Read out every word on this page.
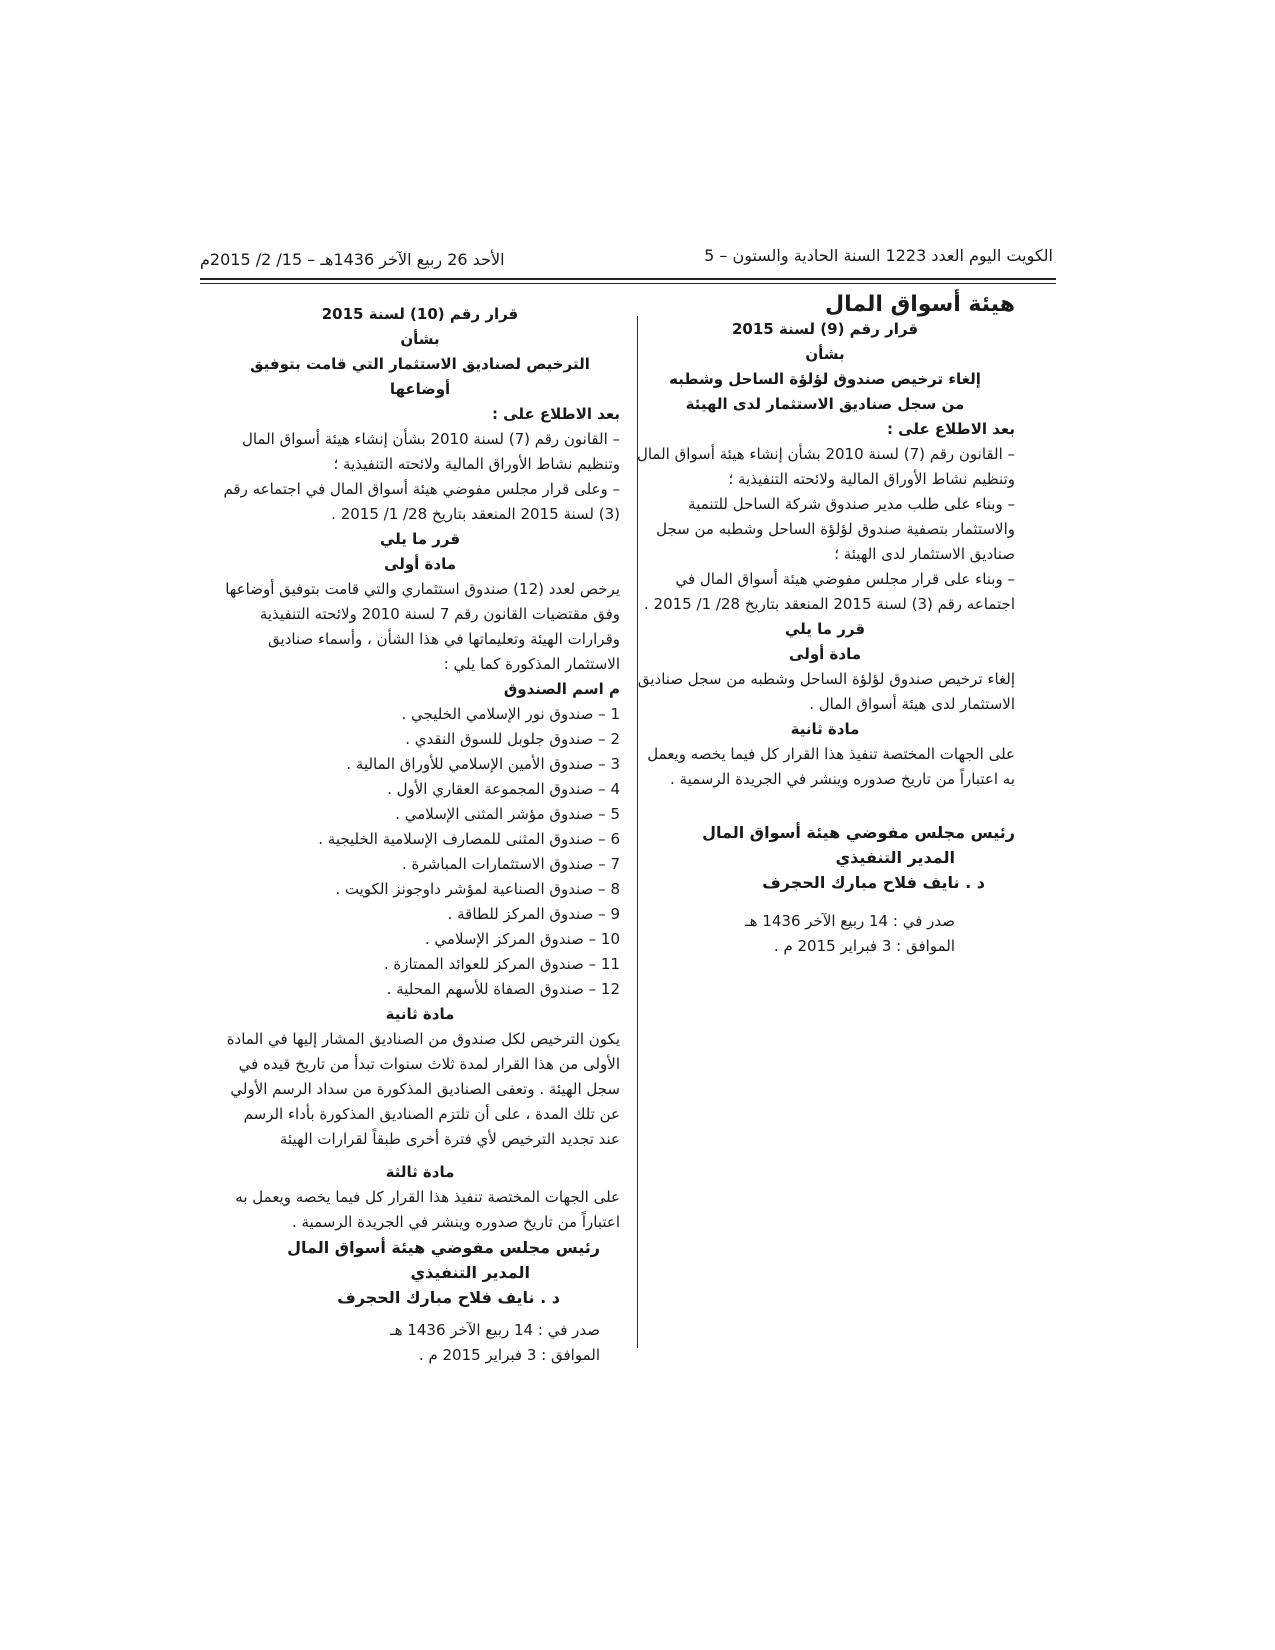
الكويت اليوم العدد 1223 السنة الحادية والستون – 5
الأحد 26 ربيع الآخر 1436هـ – 15/ 2/ 2015م

هيئة أسواق المال

قرار رقم (9) لسنة 2015

بشأن

إلغاء ترخيص صندوق لؤلؤة الساحل وشطبه

من سجل صناديق الاستثمار لدى الهيئة

بعد الاطلاع على :

– القانون رقم (7) لسنة 2010 بشأن إنشاء هيئة أسواق المال وتنظيم نشاط الأوراق المالية ولائحته التنفيذية ؛

– وبناء على طلب مدير صندوق شركة الساحل للتنمية والاستثمار بتصفية صندوق لؤلؤة الساحل وشطبه من سجل صناديق الاستثمار لدى الهيئة ؛

– وبناء على قرار مجلس مفوضي هيئة أسواق المال في اجتماعه رقم (3) لسنة 2015 المنعقد بتاريخ 28/ 1/ 2015 .

قرر ما يلي

مادة أولى

إلغاء ترخيص صندوق لؤلؤة الساحل وشطبه من سجل صناديق الاستثمار لدى هيئة أسواق المال .

مادة ثانية

على الجهات المختصة تنفيذ هذا القرار كل فيما يخصه ويعمل به اعتباراً من تاريخ صدوره وينشر في الجريدة الرسمية .

رئيس مجلس مفوضي هيئة أسواق المال

المدير التنفيذي

د . نايف فلاح مبارك الحجرف

صدر في : 14 ربيع الآخر 1436 هـ

الموافق : 3 فبراير 2015 م .

قرار رقم (10) لسنة 2015

بشأن

الترخيص لصناديق الاستثمار التي قامت بتوفيق أوضاعها

بعد الاطلاع على :

– القانون رقم (7) لسنة 2010 بشأن إنشاء هيئة أسواق المال وتنظيم نشاط الأوراق المالية ولائحته التنفيذية ؛

– وعلى قرار مجلس مفوضي هيئة أسواق المال في اجتماعه رقم (3) لسنة 2015 المنعقد بتاريخ 28/ 1/ 2015 .

قرر ما يلي

مادة أولى

يرخص لعدد (12) صندوق استثماري والتي قامت بتوفيق أوضاعها وفق مقتضيات القانون رقم 7 لسنة 2010 ولائحته التنفيذية وقرارات الهيئة وتعليماتها في هذا الشأن ، وأسماء صناديق الاستثمار المذكورة كما يلي :

م اسم الصندوق

1 – صندوق نور الإسلامي الخليجي .
2 – صندوق جلوبل للسوق النقدي .
3 – صندوق الأمين الإسلامي للأوراق المالية .
4 – صندوق المجموعة العقاري الأول .
5 – صندوق مؤشر المثنى الإسلامي .
6 – صندوق المثنى للمصارف الإسلامية الخليجية .
7 – صندوق الاستثمارات المباشرة .
8 – صندوق الصناعية لمؤشر داوجونز الكويت .
9 – صندوق المركز للطاقة .
10 – صندوق المركز الإسلامي .
11 – صندوق المركز للعوائد الممتازة .
12 – صندوق الصفاة للأسهم المحلية .

مادة ثانية

يكون الترخيص لكل صندوق من الصناديق المشار إليها في المادة الأولى من هذا القرار لمدة ثلاث سنوات تبدأ من تاريخ قيده في سجل الهيئة . وتعفى الصناديق المذكورة من سداد الرسم الأولي عن تلك المدة ، على أن تلتزم الصناديق المذكورة بأداء الرسم عند تجديد الترخيص لأي فترة أخرى طبقاً لقرارات الهيئة

مادة ثالثة

على الجهات المختصة تنفيذ هذا القرار كل فيما يخصه ويعمل به اعتباراً من تاريخ صدوره وينشر في الجريدة الرسمية .

رئيس مجلس مفوضي هيئة أسواق المال

المدير التنفيذي

د . نايف فلاح مبارك الحجرف

صدر في : 14 ربيع الآخر 1436 هـ

الموافق : 3 فبراير 2015 م .
